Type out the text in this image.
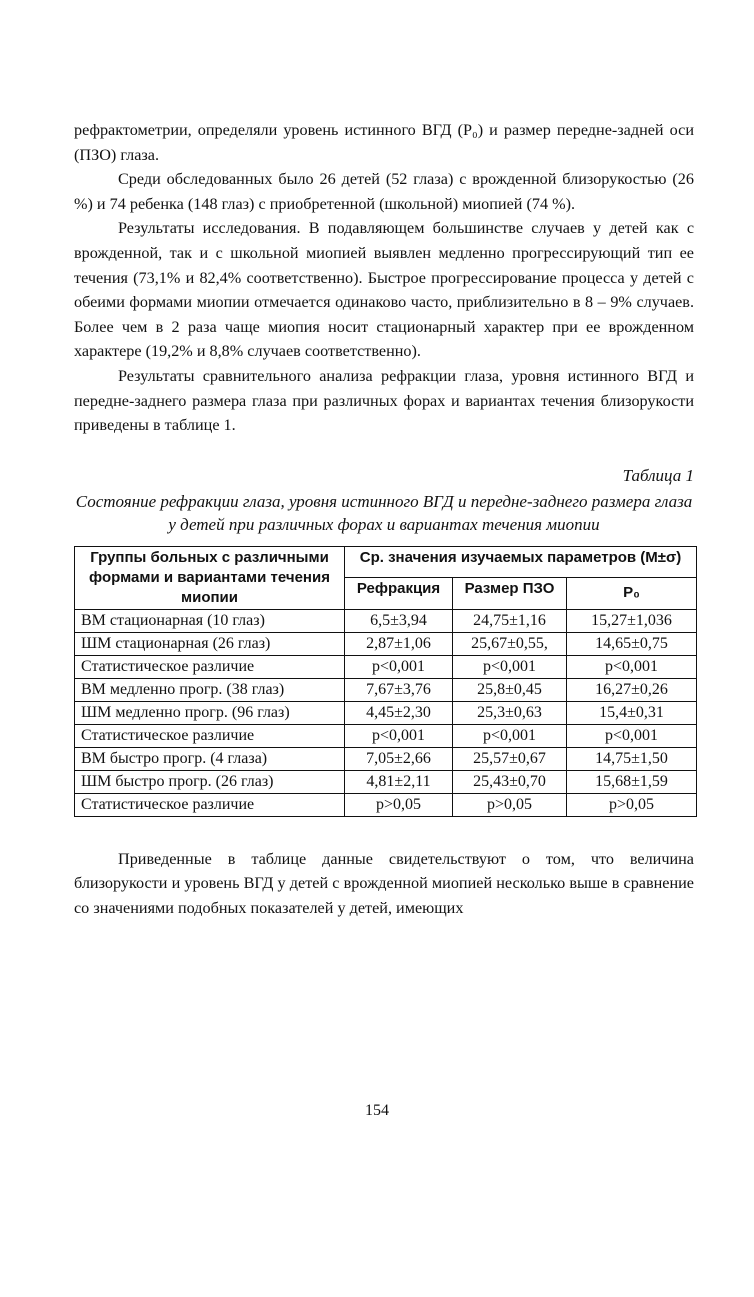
рефрактометрии, определяли уровень истинного ВГД (P₀) и размер передне-задней оси (ПЗО) глаза.

Среди обследованных было 26 детей (52 глаза) с врожденной близорукостью (26 %) и 74 ребенка (148 глаз) с приобретенной (школьной) миопией (74 %).

Результаты исследования. В подавляющем большинстве случаев у детей как с врожденной, так и с школьной миопией выявлен медленно прогрессирующий тип ее течения (73,1% и 82,4% соответственно). Быстрое прогрессирование процесса у детей с обеими формами миопии отмечается одинаково часто, приблизительно в 8 – 9% случаев. Более чем в 2 раза чаще миопия носит стационарный характер при ее врожденном характере (19,2% и 8,8% случаев соответственно).

Результаты сравнительного анализа рефракции глаза, уровня истинного ВГД и передне-заднего размера глаза при различных форах и вариантах течения близорукости приведены в таблице 1.

Таблица 1
Состояние рефракции глаза, уровня истинного ВГД и передне-заднего размера глаза у детей при различных форах и вариантах течения миопии
Группы больных с различными формами и вариантами течения миопии	Ср. значения изучаемых параметров (M±σ)		
	Рефракция	Размер ПЗО	P₀
ВМ стационарная (10 глаз)	6,5±3,94	24,75±1,16	15,27±1,036
ШМ стационарная (26 глаз)	2,87±1,06	25,67±0,55,	14,65±0,75
Статистическое различие	p<0,001	p<0,001	p<0,001
ВМ медленно прогр. (38 глаз)	7,67±3,76	25,8±0,45	16,27±0,26
ШМ медленно прогр. (96 глаз)	4,45±2,30	25,3±0,63	15,4±0,31
Статистическое различие	p<0,001	p<0,001	p<0,001
ВМ быстро прогр. (4 глаза)	7,05±2,66	25,57±0,67	14,75±1,50
ШМ быстро прогр. (26 глаз)	4,81±2,11	25,43±0,70	15,68±1,59
Статистическое различие	p>0,05	p>0,05	p>0,05

Приведенные в таблице данные свидетельствуют о том, что величина близорукости и уровень ВГД у детей с врожденной миопией несколько выше в сравнение со значениями подобных показателей у детей, имеющих

154
